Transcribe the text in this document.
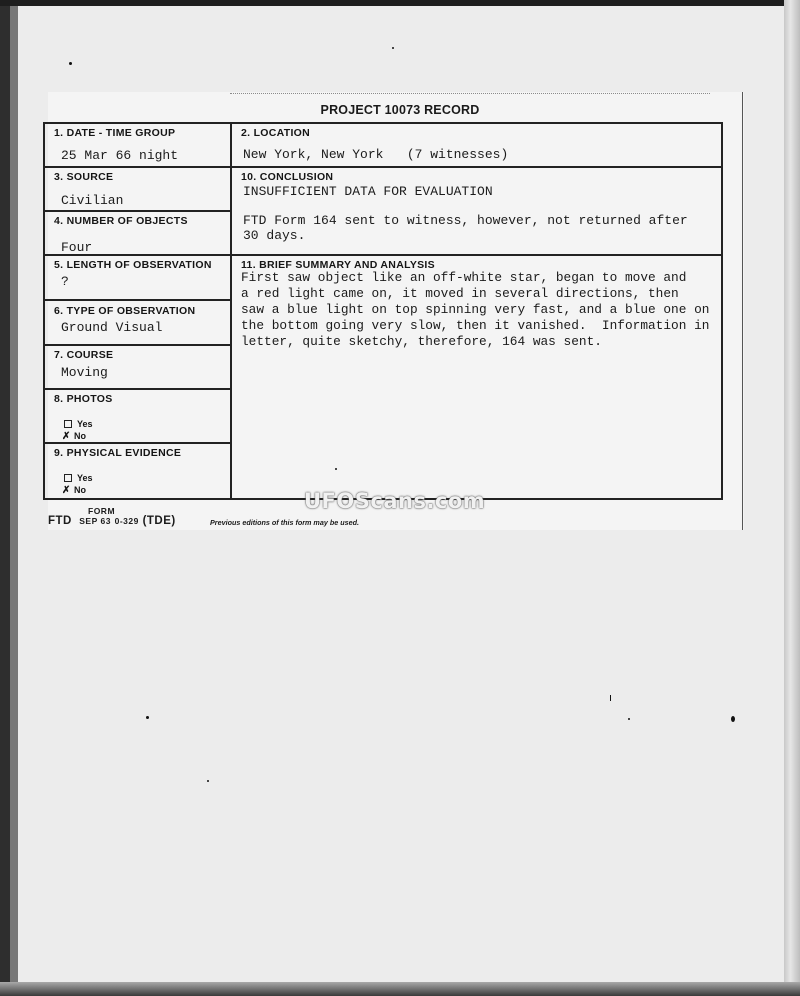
PROJECT 10073 RECORD
1. DATE - TIME GROUP
25 Mar 66 night
2. LOCATION
New York, New York   (7 witnesses)
3. SOURCE
Civilian
10. CONCLUSION
INSUFFICIENT DATA FOR EVALUATION
FTD Form 164 sent to witness, however, not returned after
30 days.
4. NUMBER OF OBJECTS
Four
5. LENGTH OF OBSERVATION
?
11. BRIEF SUMMARY AND ANALYSIS
First saw object like an off-white star, began to move and
a red light came on, it moved in several directions, then
saw a blue light on top spinning very fast, and a blue one on
the bottom going very slow, then it vanished.  Information in
letter, quite sketchy, therefore, 164 was sent.
6. TYPE OF OBSERVATION
Ground Visual
7. COURSE
Moving
8. PHOTOS
Yes
✗ No
9. PHYSICAL EVIDENCE
Yes
✗ No
FORM
FTD SEP 63 0-329 (TDE)	Previous editions of this form may be used.
UFOScans.com
